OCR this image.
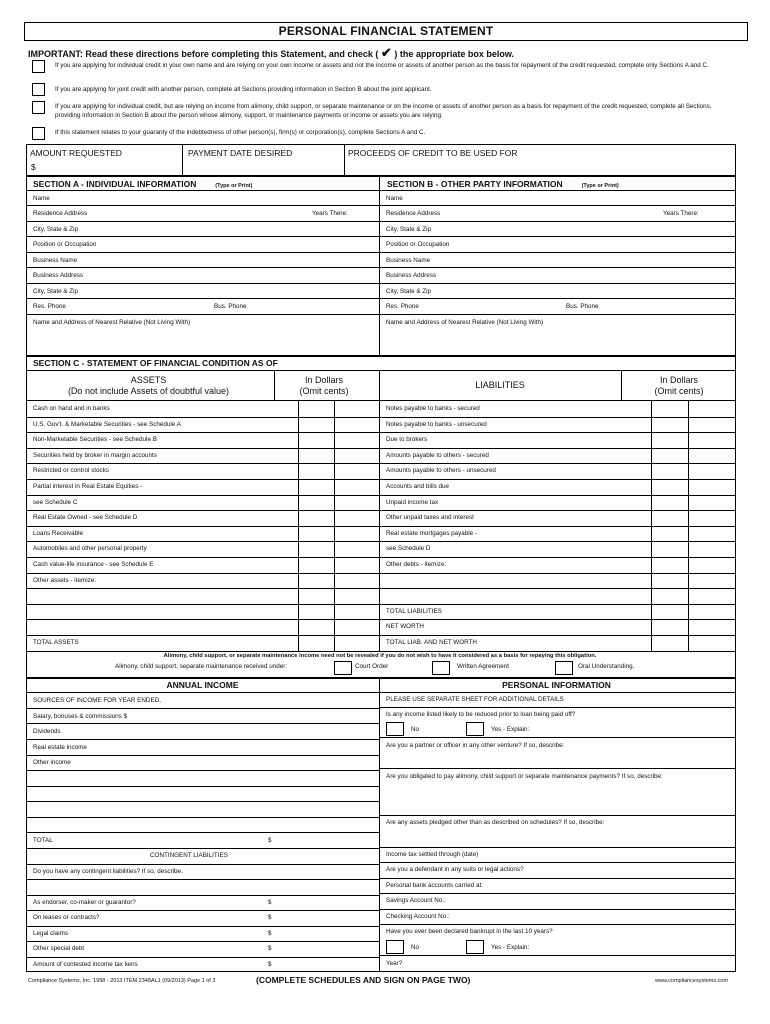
PERSONAL FINANCIAL STATEMENT
IMPORTANT: Read these directions before completing this Statement, and check ( ✔ ) the appropriate box below.
If you are applying for individual credit in your own name and are relying on your own income or assets and not the income or assets of another person as the basis for repayment of the credit requested, complete only Sections A and C.
If you are applying for joint credit with another person, complete all Sections providing information in Section B about the joint applicant.
If you are applying for individual credit, but are relying on income from alimony, child support, or separate maintenance or on the income or assets of another person as a basis for repayment of the credit requested, complete all Sections, providing information in Section B about the person whose alimony, support, or maintenance payments or income or assets you are relying.
If this statement relates to your guaranty of the indebtedness of other person(s), firm(s) or corporation(s), complete Sections A and C.
AMOUNT REQUESTED
$
PAYMENT DATE DESIRED	PROCEEDS OF CREDIT TO BE USED FOR
SECTION A - INDIVIDUAL INFORMATION	(Type or Print)	SECTION B - OTHER PARTY INFORMATION	(Type or Print)
Name
Residence Address	Years There:
City, State & Zip
Position or Occupation
Business Name
Business Address
City, State & Zip
Res. Phone	Bus. Phone
Name and Address of Nearest Relative (Not Living With)
Name
Residence Address	Years There:
City, State & Zip
Position or Occupation
Business Name
Business Address
City, State & Zip
Res. Phone	Bus. Phone
Name and Address of Nearest Relative (Not Living With)
SECTION C - STATEMENT OF FINANCIAL CONDITION AS OF
ASSETS
(Do not include Assets of doubtful value)
In Dollars
(Omit cents)
LIABILITIES	In Dollars
(Omit cents)
Cash on hand and in banks	Notes payable to banks - secured
U.S. Gov't. & Marketable Securities - see Schedule A	Notes payable to banks - unsecured
Non-Marketable Securities - see Schedule B	Due to brokers
Securities held by broker in margin accounts	Amounts payable to others - secured
Restricted or control stocks	Amounts payable to others - unsecured
Partial interest in Real Estate Equities -	Accounts and bills due
see Schedule C	Unpaid income tax
Real Estate Owned - see Schedule D	Other unpaid taxes and interest
Loans Receivable	Real estate mortgages payable -
Automobiles and other personal property	see Schedule D
Cash value-life insurance - see Schedule E	Other debts - itemize:
Other assets - itemize:
TOTAL LIABILITIES
NET WORTH
TOTAL ASSETS	TOTAL LIAB. AND NET WORTH
Alimony, child support, or separate maintenance income need not be revealed if you do not wish to have it considered as a basis for repaying this obligation.
Alimony, child support, separate maintenance received under:	Court Order	Written Agreement	Oral Understanding.
ANNUAL INCOME	PERSONAL INFORMATION
SOURCES OF INCOME FOR YEAR ENDED,
Salary, bonuses & commissions $
Dividends
Real estate income
Other income
TOTAL	$
CONTINGENT LIABILITIES
Do you have any contingent liabilities? If so, describe.
As endorser, co-maker or guarantor?	$
On leases or contracts?	$
Legal claims	$
Other special debt	$
Amount of contested income tax liens	$
PLEASE USE SEPARATE SHEET FOR ADDITIONAL DETAILS
Is any income listed likely to be reduced prior to loan being paid off?
No	Yes - Explain:
Are you a partner or officer in any other venture? If so, describe:
Are you obligated to pay alimony, child support or separate maintenance payments? If so, describe:
Are any assets pledged other than as described on schedules? If so, describe:
Income tax settled through (date)
Are you a defendant in any suits or legal actions?
Personal bank accounts carried at:
Savings Account No.:
Checking Account No.:
Have you ever been declared bankrupt in the last 10 years?
No	Yes - Explain:
Year?
Compliance Systems, Inc. 1998 - 2013 ITEM 2348AL1 (09/2013) Page 1 of 3	(COMPLETE SCHEDULES AND SIGN ON PAGE TWO)	www.compliancesystems.com
